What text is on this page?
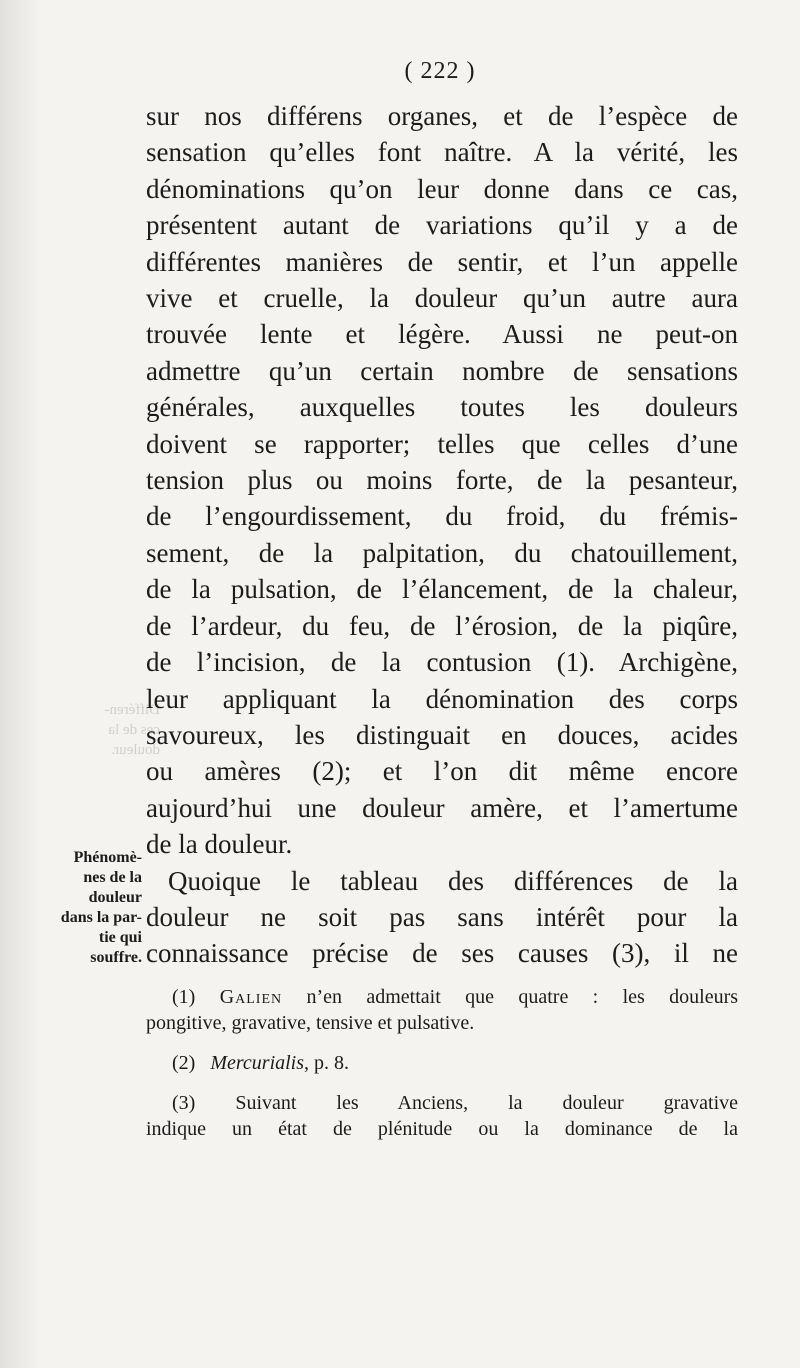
( 222 )
Différen-
ces de la
douleur.
sur nos différens organes, et de l’espèce de
sensation qu’elles font naître. A la vérité, les
dénominations qu’on leur donne dans ce cas,
présentent autant de variations qu’il y a de
différentes manières de sentir, et l’un appelle
vive et cruelle, la douleur qu’un autre aura
trouvée lente et légère. Aussi ne peut-on
admettre qu’un certain nombre de sensations
générales, auxquelles toutes les douleurs
doivent se rapporter; telles que celles d’une
tension plus ou moins forte, de la pesanteur,
de l’engourdissement, du froid, du frémis-
sement, de la palpitation, du chatouillement,
de la pulsation, de l’élancement, de la chaleur,
de l’ardeur, du feu, de l’érosion, de la piqûre,
de l’incision, de la contusion (1). Archigène,
leur appliquant la dénomination des corps
savoureux, les distinguait en douces, acides
ou amères (2); et l’on dit même encore
aujourd’hui une douleur amère, et l’amertume
de la douleur.
Quoique le tableau des différences de la
douleur ne soit pas sans intérêt pour la
connaissance précise de ses causes (3), il ne
Phénomè-
nes de la
douleur
dans la par-
tie qui
souffre.
(1) Galien n’en admettait que quatre : les douleurs
pongitive, gravative, tensive et pulsative.
(2) Mercurialis, p. 8.
(3) Suivant les Anciens, la douleur gravative
indique un état de plénitude ou la dominance de la
